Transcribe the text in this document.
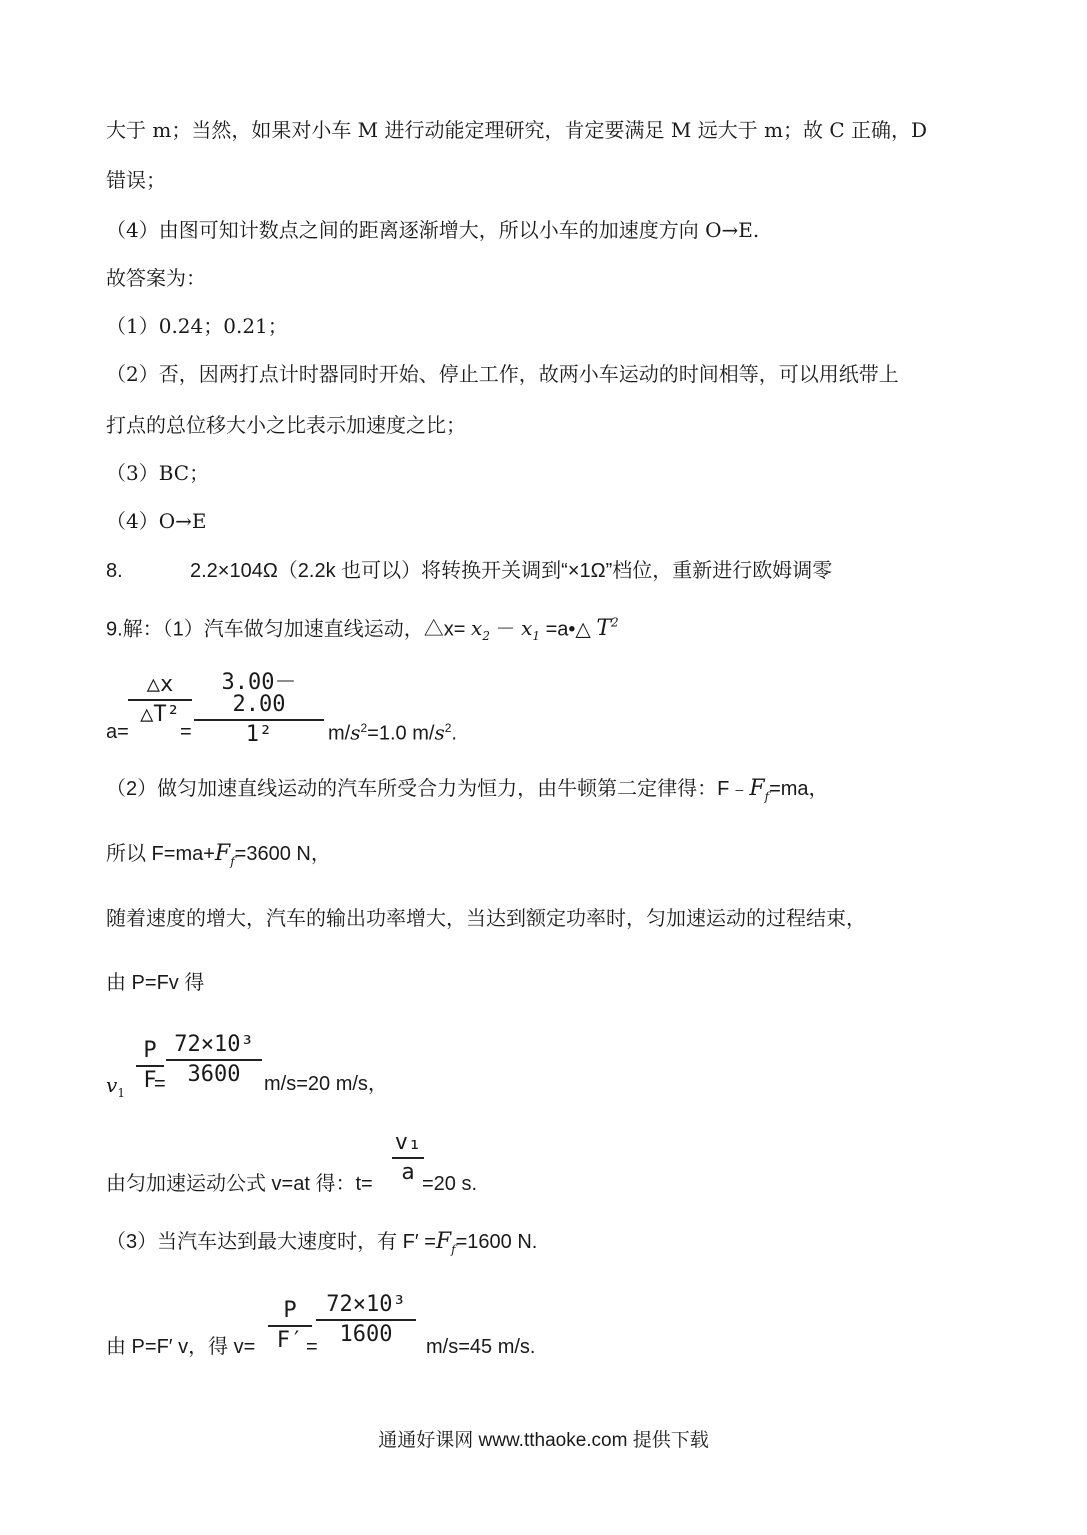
大于 m；当然，如果对小车 M 进行动能定理研究，肯定要满足 M 远大于 m；故 C 正确，D
错误；
（4）由图可知计数点之间的距离逐渐增大，所以小车的加速度方向 O→E.
故答案为：
（1）0.24；0.21；
（2）否，因两打点计时器同时开始、停止工作，故两小车运动的时间相等，可以用纸带上
打点的总位移大小之比表示加速度之比；
（3）BC；
（4）O→E
8.	2.2×104Ω（2.2k 也可以）将转换开关调到“×1Ω”档位，重新进行欧姆调零
9.解：（1）汽车做匀加速直线运动，△x= $x_2 - x_1$ =a•△ $T^2$
△x
△T²
3.00－2.00
1²
a=	=	$m/s^2=1.0$ $m/s^2$.
（2）做匀加速直线运动的汽车所受合力为恒力，由牛顿第二定律得：$F﹣F_f=ma$，
所以 $F=ma+F_f=3600$ N，
随着速度的增大，汽车的输出功率增大，当达到额定功率时，匀加速运动的过程结束，
由 P=Fv 得
P
F
72×10³
3600
$v_1$ =	m/s=20 m/s，
v₁
a
由匀加速运动公式 v=at 得：t= =20 s.
（3）当汽车达到最大速度时，有 $F' =F_f=1600$ N.
P
F′
72×10³
1600
由 P=F′ v，得 v=	=	m/s=45 m/s.
通通好课网 www.tthaoke.com 提供下载
